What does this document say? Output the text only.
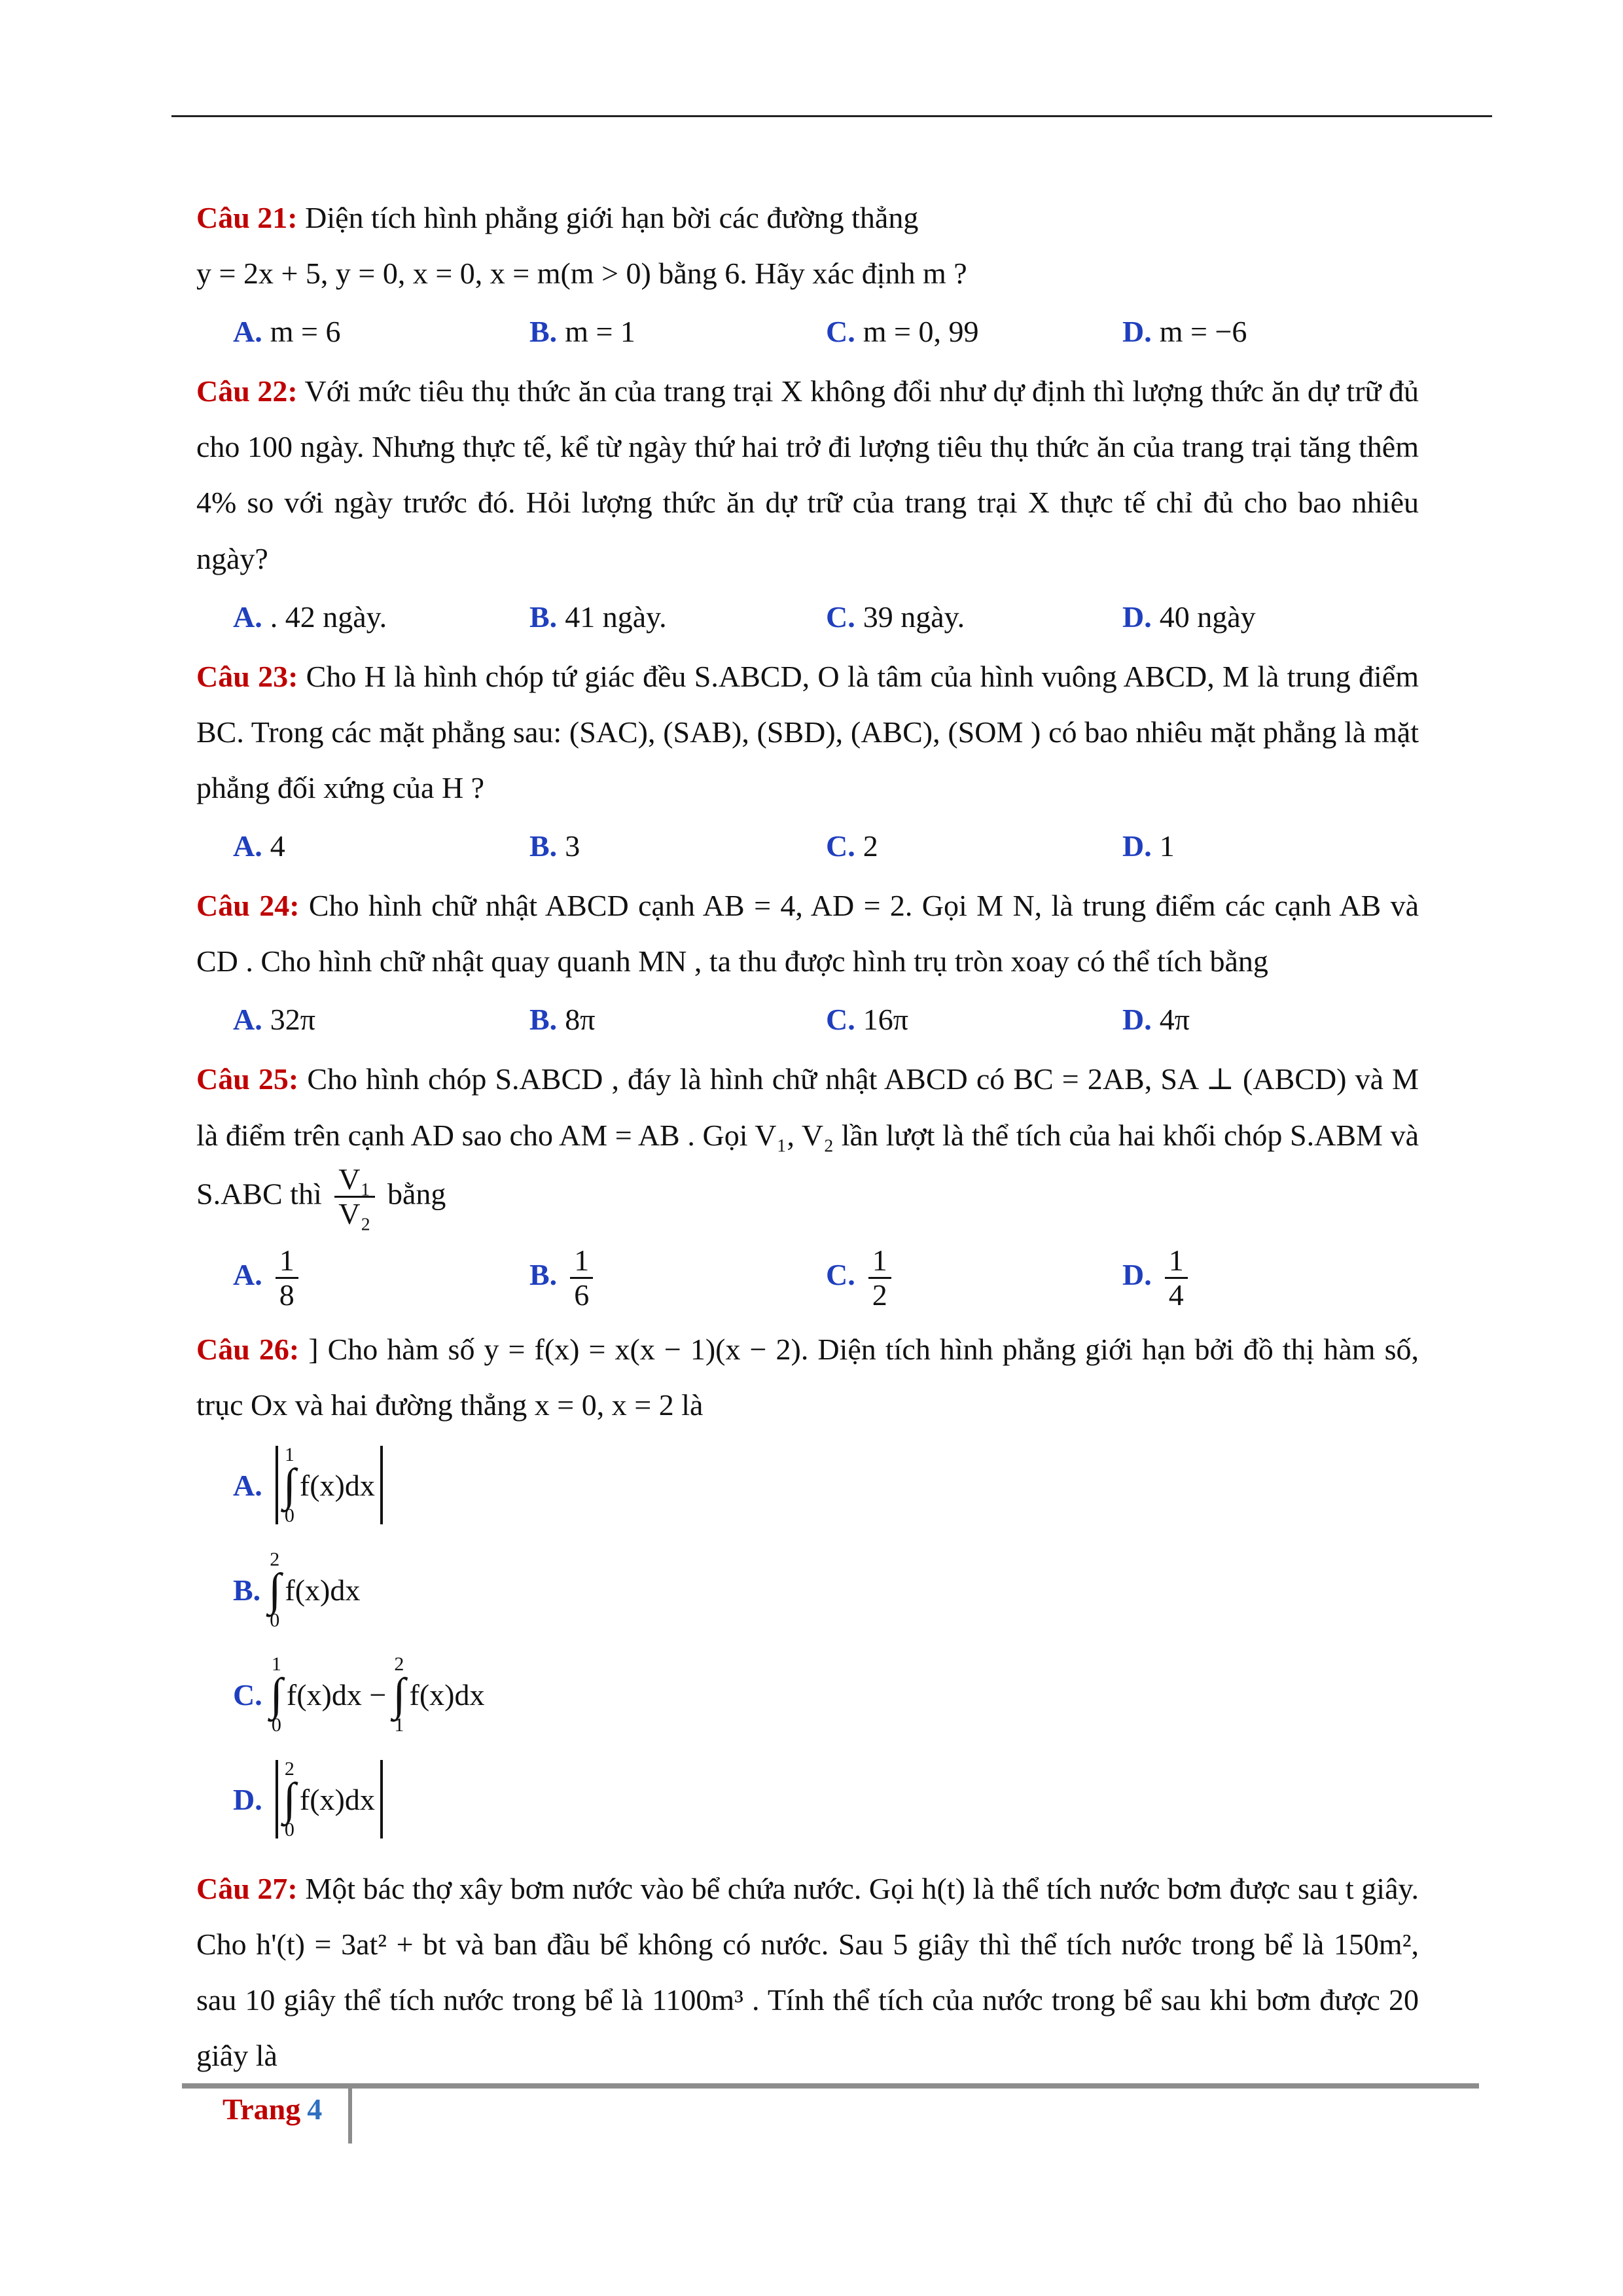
Câu 21: Diện tích hình phẳng giới hạn bời các đường thẳng
y = 2x + 5, y = 0, x = 0, x = m(m > 0) bằng 6. Hãy xác định m ?

A. m = 6	B. m = 1	C. m = 0, 99	D. m = −6

Câu 22: Với mức tiêu thụ thức ăn của trang trại X không đổi như dự định thì lượng thức ăn dự trữ đủ cho 100 ngày. Nhưng thực tế, kể từ ngày thứ hai trở đi lượng tiêu thụ thức ăn của trang trại tăng thêm 4% so với ngày trước đó. Hỏi lượng thức ăn dự trữ của trang trại X thực tế chỉ đủ cho bao nhiêu ngày?

A. . 42 ngày.	B. 41 ngày.	C. 39 ngày.	D. 40 ngày

Câu 23: Cho H là hình chóp tứ giác đều S.ABCD, O là tâm của hình vuông ABCD, M là trung điểm BC. Trong các mặt phẳng sau: (SAC), (SAB), (SBD), (ABC), (SOM ) có bao nhiêu mặt phẳng là mặt phẳng đối xứng của H ?

A. 4	B. 3	C. 2	D. 1

Câu 24: Cho hình chữ nhật ABCD cạnh AB = 4, AD = 2. Gọi M N, là trung điểm các cạnh AB và CD . Cho hình chữ nhật quay quanh MN , ta thu được hình trụ tròn xoay có thể tích bằng

A. 32π	B. 8π	C. 16π	D. 4π

Câu 25: Cho hình chóp S.ABCD , đáy là hình chữ nhật ABCD có BC = 2AB, SA ⊥ (ABCD) và M là điểm trên cạnh AD sao cho AM = AB . Gọi V₁, V₂ lần lượt là thể tích của hai khối chóp S.ABM và S.ABC thì $\frac{\text{V₁}}{\text{V₂}}$ bằng

A. $\frac{1}{8}$	B. $\frac{1}{6}$	C. $\frac{1}{2}$	D. $\frac{1}{4}$

Câu 26: ] Cho hàm số y = f(x) = x(x − 1)(x − 2). Diện tích hình phẳng giới hạn bởi đồ thị hàm số, trục Ox và hai đường thẳng x = 0, x = 2 là

A.
1
∫
0
f(x)dx
B.
2
∫
0
f(x)dx
C.
1
∫
0
f(x)dx −
2
∫
1
f(x)dx
D.
2
∫
0
f(x)dx

Câu 27: Một bác thợ xây bơm nước vào bể chứa nước. Gọi h(t) là thể tích nước bơm được sau t giây. Cho h'(t) = 3at² + bt và ban đầu bể không có nước. Sau 5 giây thì thể tích nước trong bể là 150m², sau 10 giây thể tích nước trong bể là 1100m³ . Tính thể tích của nước trong bể sau khi bơm được 20 giây là

Trang 4
